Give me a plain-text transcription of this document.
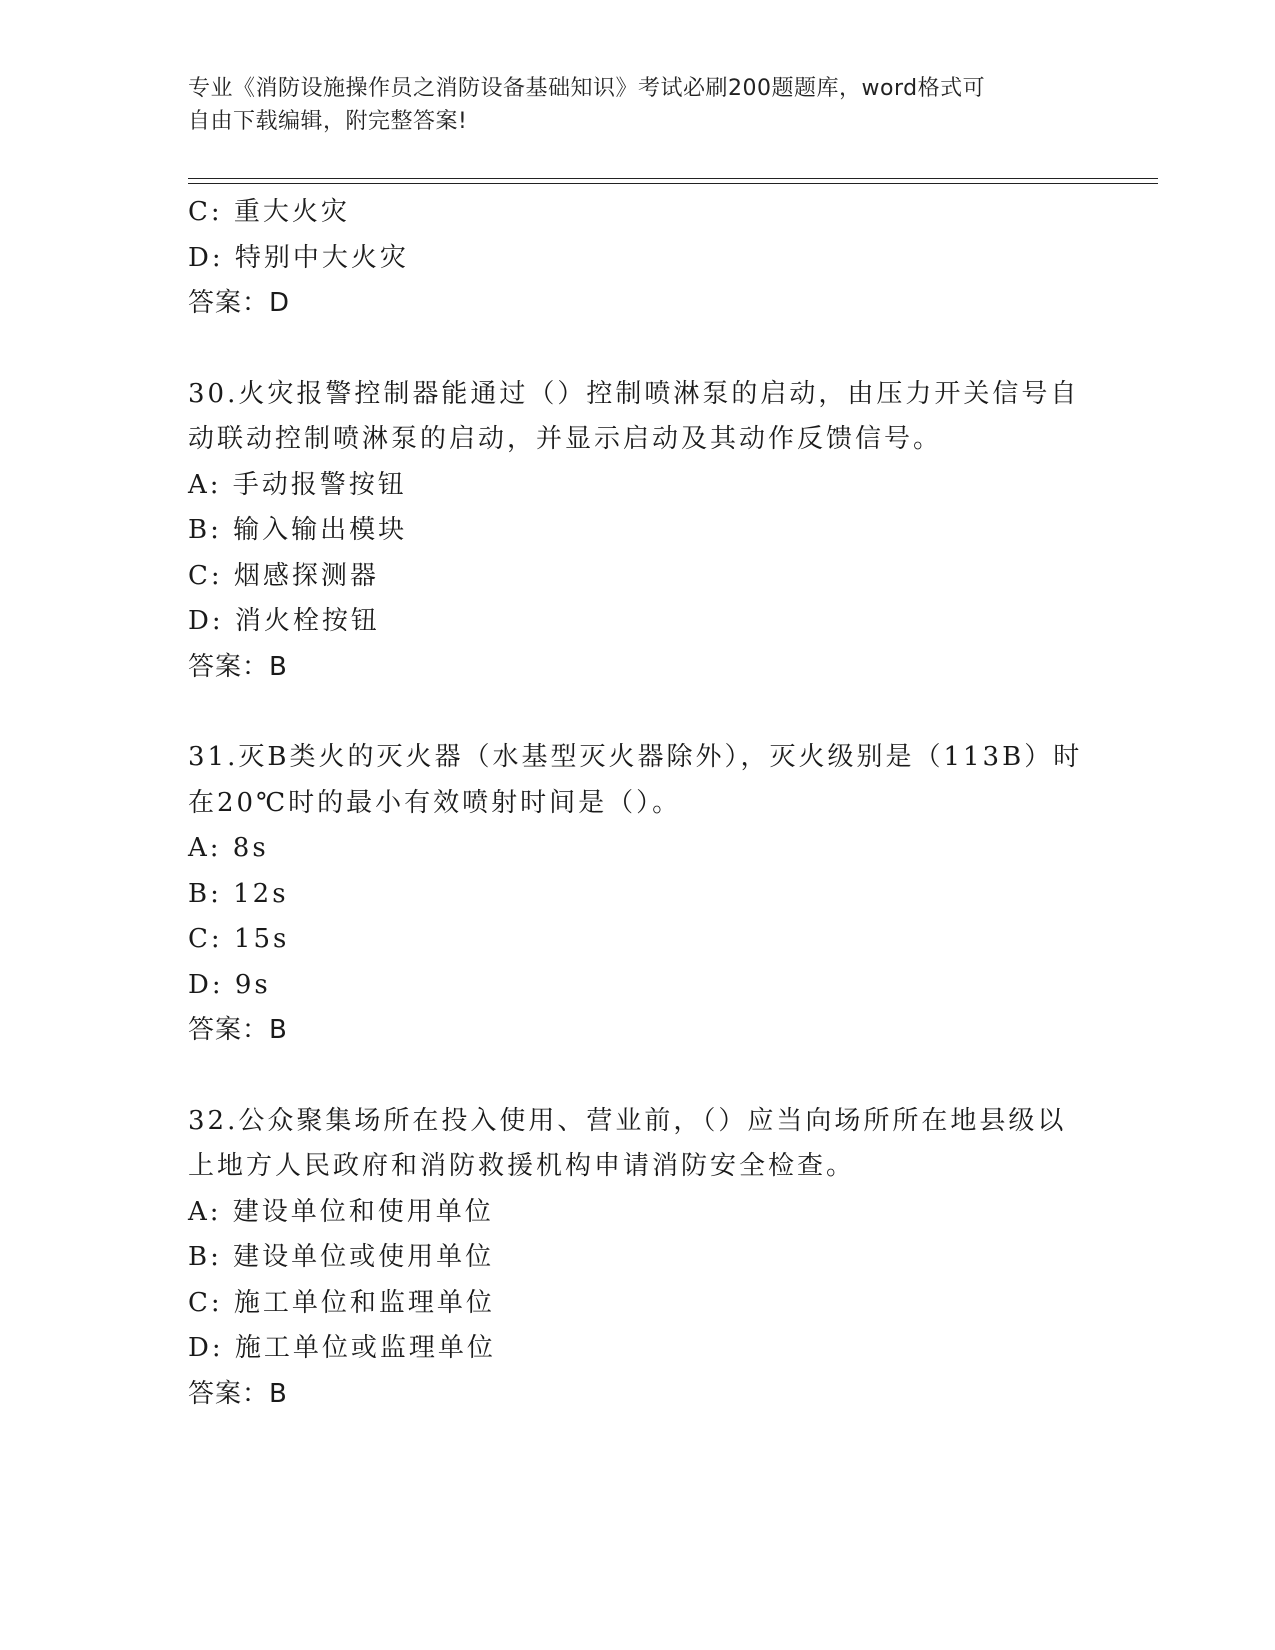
专业《消防设施操作员之消防设备基础知识》考试必刷200题题库，word格式可
自由下载编辑，附完整答案!
C: 重大火灾
D: 特别中大火灾
答案：D
30.火灾报警控制器能通过（）控制喷淋泵的启动，由压力开关信号自
动联动控制喷淋泵的启动，并显示启动及其动作反馈信号。
A: 手动报警按钮
B: 输入输出模块
C: 烟感探测器
D: 消火栓按钮
答案：B
31.灭B类火的灭火器（水基型灭火器除外），灭火级别是（113B）时
在20℃时的最小有效喷射时间是（）。
A: 8s
B: 12s
C: 15s
D: 9s
答案：B
32.公众聚集场所在投入使用、营业前，（）应当向场所所在地县级以
上地方人民政府和消防救援机构申请消防安全检查。
A: 建设单位和使用单位
B: 建设单位或使用单位
C: 施工单位和监理单位
D: 施工单位或监理单位
答案：B
